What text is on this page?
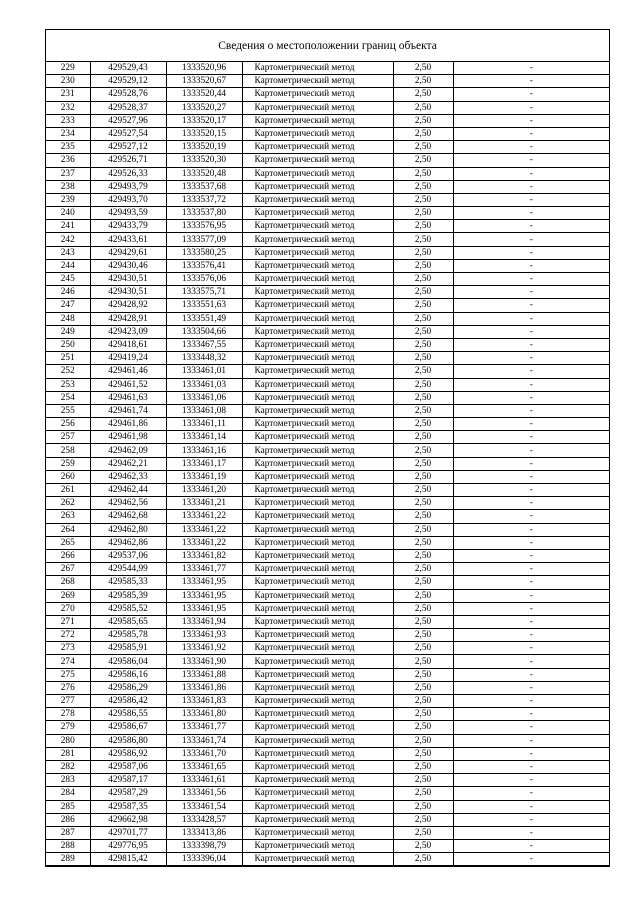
Сведения о местоположении границ объекта
229	429529,43	1333520,96	Картометрический метод	2,50	-
230	429529,12	1333520,67	Картометрический метод	2,50	-
231	429528,76	1333520,44	Картометрический метод	2,50	-
232	429528,37	1333520,27	Картометрический метод	2,50	-
233	429527,96	1333520,17	Картометрический метод	2,50	-
234	429527,54	1333520,15	Картометрический метод	2,50	-
235	429527,12	1333520,19	Картометрический метод	2,50	-
236	429526,71	1333520,30	Картометрический метод	2,50	-
237	429526,33	1333520,48	Картометрический метод	2,50	-
238	429493,79	1333537,68	Картометрический метод	2,50	-
239	429493,70	1333537,72	Картометрический метод	2,50	-
240	429493,59	1333537,80	Картометрический метод	2,50	-
241	429433,79	1333576,95	Картометрический метод	2,50	-
242	429433,61	1333577,09	Картометрический метод	2,50	-
243	429429,61	1333580,25	Картометрический метод	2,50	-
244	429430,46	1333576,41	Картометрический метод	2,50	-
245	429430,51	1333576,06	Картометрический метод	2,50	-
246	429430,51	1333575,71	Картометрический метод	2,50	-
247	429428,92	1333551,63	Картометрический метод	2,50	-
248	429428,91	1333551,49	Картометрический метод	2,50	-
249	429423,09	1333504,66	Картометрический метод	2,50	-
250	429418,61	1333467,55	Картометрический метод	2,50	-
251	429419,24	1333448,32	Картометрический метод	2,50	-
252	429461,46	1333461,01	Картометрический метод	2,50	-
253	429461,52	1333461,03	Картометрический метод	2,50	-
254	429461,63	1333461,06	Картометрический метод	2,50	-
255	429461,74	1333461,08	Картометрический метод	2,50	-
256	429461,86	1333461,11	Картометрический метод	2,50	-
257	429461,98	1333461,14	Картометрический метод	2,50	-
258	429462,09	1333461,16	Картометрический метод	2,50	-
259	429462,21	1333461,17	Картометрический метод	2,50	-
260	429462,33	1333461,19	Картометрический метод	2,50	-
261	429462,44	1333461,20	Картометрический метод	2,50	-
262	429462,56	1333461,21	Картометрический метод	2,50	-
263	429462,68	1333461,22	Картометрический метод	2,50	-
264	429462,80	1333461,22	Картометрический метод	2,50	-
265	429462,86	1333461,22	Картометрический метод	2,50	-
266	429537,06	1333461,82	Картометрический метод	2,50	-
267	429544,99	1333461,77	Картометрический метод	2,50	-
268	429585,33	1333461,95	Картометрический метод	2,50	-
269	429585,39	1333461,95	Картометрический метод	2,50	-
270	429585,52	1333461,95	Картометрический метод	2,50	-
271	429585,65	1333461,94	Картометрический метод	2,50	-
272	429585,78	1333461,93	Картометрический метод	2,50	-
273	429585,91	1333461,92	Картометрический метод	2,50	-
274	429586,04	1333461,90	Картометрический метод	2,50	-
275	429586,16	1333461,88	Картометрический метод	2,50	-
276	429586,29	1333461,86	Картометрический метод	2,50	-
277	429586,42	1333461,83	Картометрический метод	2,50	-
278	429586,55	1333461,80	Картометрический метод	2,50	-
279	429586,67	1333461,77	Картометрический метод	2,50	-
280	429586,80	1333461,74	Картометрический метод	2,50	-
281	429586,92	1333461,70	Картометрический метод	2,50	-
282	429587,06	1333461,65	Картометрический метод	2,50	-
283	429587,17	1333461,61	Картометрический метод	2,50	-
284	429587,29	1333461,56	Картометрический метод	2,50	-
285	429587,35	1333461,54	Картометрический метод	2,50	-
286	429662,98	1333428,57	Картометрический метод	2,50	-
287	429701,77	1333413,86	Картометрический метод	2,50	-
288	429776,95	1333398,79	Картометрический метод	2,50	-
289	429815,42	1333396,04	Картометрический метод	2,50	-
